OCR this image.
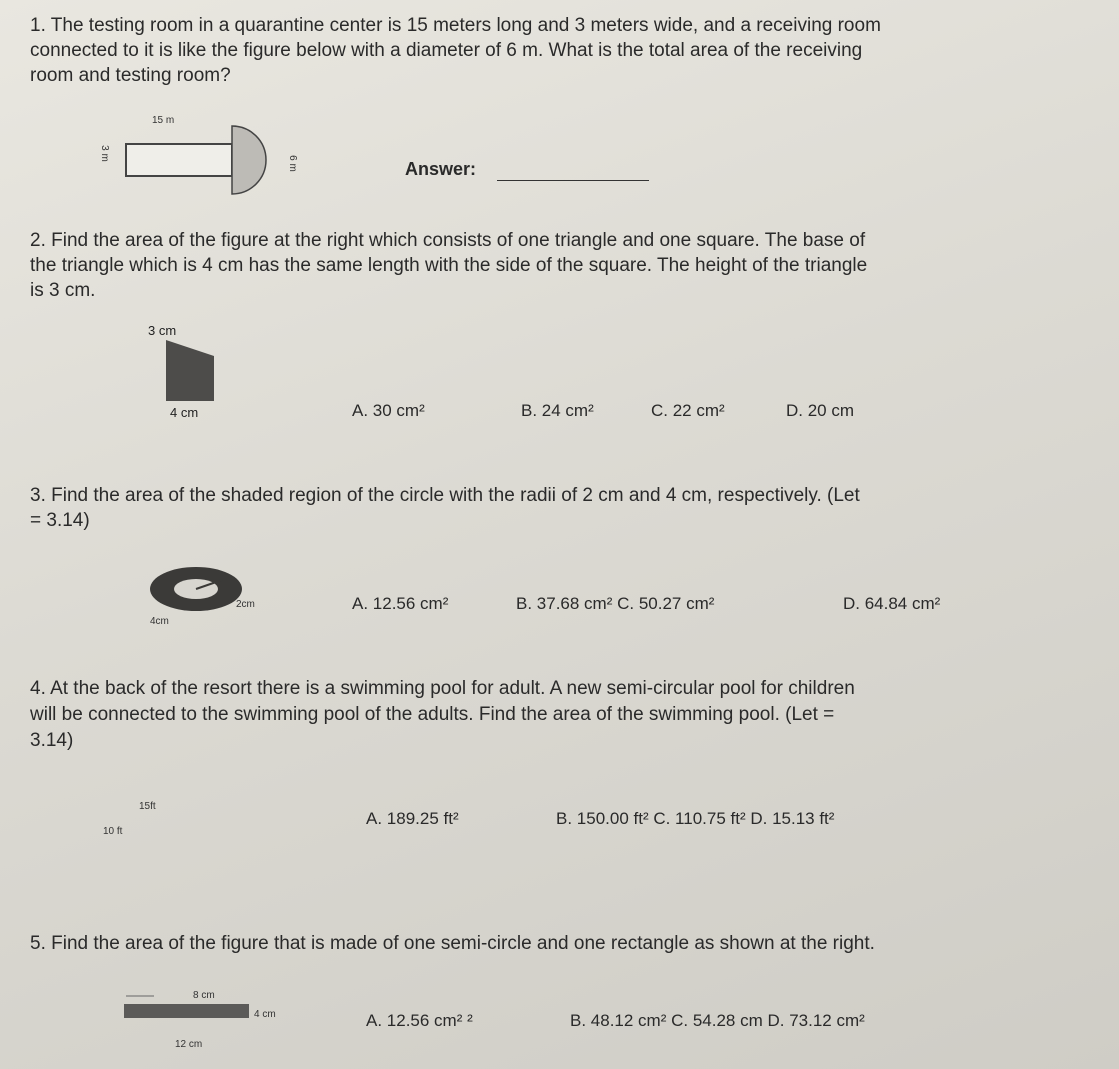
1. The testing room in a quarantine center is 15 meters long and 3 meters wide, and a receiving room
connected to it is like the figure below with a diameter of 6 m. What is the total area of the receiving
room and testing room?
15 m
3 m
6 m	Answer:
2. Find the area of the figure at the right which consists of one triangle and one square. The base of
the triangle which is 4 cm has the same length with the side of the square. The height of the triangle
is 3 cm.
3 cm
4 cm	A. 30 cm²	B. 24 cm²	C. 22 cm²	D. 20 cm
3. Find the area of the shaded region of the circle with the radii of 2 cm and 4 cm, respectively. (Let
= 3.14)
2cm
4cm
A. 12.56 cm²	B. 37.68 cm² C. 50.27 cm²	D. 64.84 cm²
4. At the back of the resort there is a swimming pool for adult. A new semi-circular pool for children
will be connected to the swimming pool of the adults. Find the area of the swimming pool. (Let =
3.14)
15ft
10 ft
A. 189.25 ft²	B. 150.00 ft² C. 110.75 ft² D. 15.13 ft²
5. Find the area of the figure that is made of one semi-circle and one rectangle as shown at the right.
8 cm
4 cm
12 cm
A. 12.56 cm² ²	B. 48.12 cm² C. 54.28 cm D. 73.12 cm²
